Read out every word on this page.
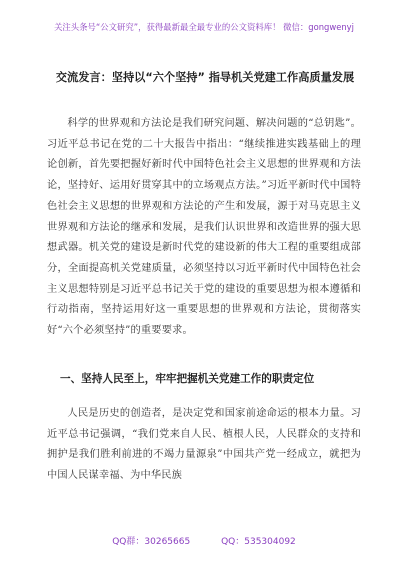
关注头条号“公文研究”，获得最新最全最专业的公文资料库！ 微信：gongwenyj
交流发言：坚持以“六个坚持” 指导机关党建工作高质量发展

科学的世界观和方法论是我们研究问题、解决问题的“总钥匙”。习近平总书记在党的二十大报告中指出：“继续推进实践基础上的理论创新，首先要把握好新时代中国特色社会主义思想的世界观和方法论，坚持好、运用好贯穿其中的立场观点方法。”习近平新时代中国特色社会主义思想的世界观和方法论的产生和发展，源于对马克思主义世界观和方法论的继承和发展，是我们认识世界和改造世界的强大思想武器。机关党的建设是新时代党的建设新的伟大工程的重要组成部分，全面提高机关党建质量，必须坚持以习近平新时代中国特色社会主义思想特别是习近平总书记关于党的建设的重要思想为根本遵循和行动指南，坚持运用好这一重要思想的世界观和方法论，贯彻落实好“六个必须坚持”的重要要求。

一、坚持人民至上，牢牢把握机关党建工作的职责定位

人民是历史的创造者，是决定党和国家前途命运的根本力量。习近平总书记强调，“我们党来自人民、植根人民，人民群众的支持和拥护是我们胜利前进的不竭力量源泉”中国共产党一经成立，就把为中国人民谋幸福、为中华民族

QQ群：30265665	QQ：535304092
